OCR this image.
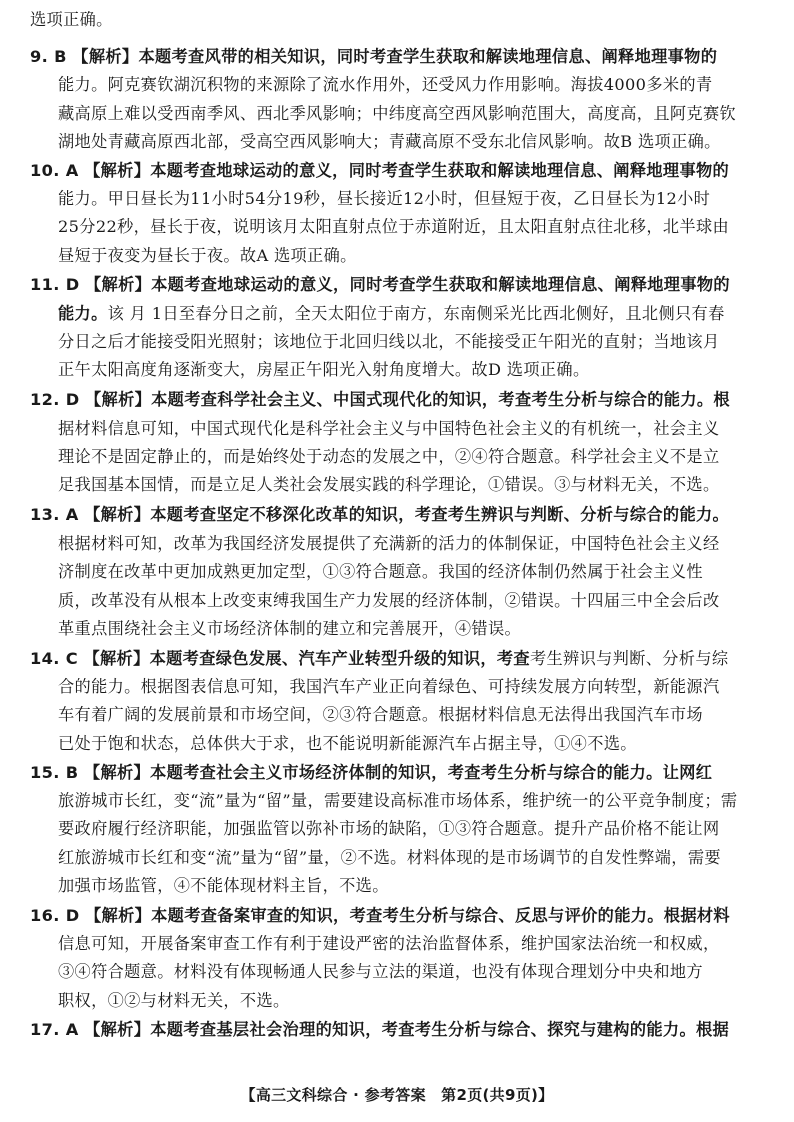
选项正确。
9. B 【解析】本题考查风带的相关知识，同时考查学生获取和解读地理信息、阐释地理事物的
能力。阿克赛钦湖沉积物的来源除了流水作用外，还受风力作用影响。海拔4000多米的青
藏高原上难以受西南季风、西北季风影响；中纬度高空西风影响范围大，高度高，且阿克赛钦
湖地处青藏高原西北部，受高空西风影响大；青藏高原不受东北信风影响。故B 选项正确。
10. A 【解析】本题考查地球运动的意义，同时考查学生获取和解读地理信息、阐释地理事物的
能力。甲日昼长为11小时54分19秒，昼长接近12小时，但昼短于夜，乙日昼长为12小时
25分22秒，昼长于夜，说明该月太阳直射点位于赤道附近，且太阳直射点往北移，北半球由
昼短于夜变为昼长于夜。故A 选项正确。
11. D 【解析】本题考查地球运动的意义，同时考查学生获取和解读地理信息、阐释地理事物的
能力。该 月 1日至春分日之前，全天太阳位于南方，东南侧采光比西北侧好，且北侧只有春
分日之后才能接受阳光照射；该地位于北回归线以北，不能接受正午阳光的直射；当地该月
正午太阳高度角逐渐变大，房屋正午阳光入射角度增大。故D 选项正确。
12. D 【解析】本题考查科学社会主义、中国式现代化的知识，考查考生分析与综合的能力。根
据材料信息可知，中国式现代化是科学社会主义与中国特色社会主义的有机统一，社会主义
理论不是固定静止的，而是始终处于动态的发展之中，②④符合题意。科学社会主义不是立
足我国基本国情，而是立足人类社会发展实践的科学理论，①错误。③与材料无关，不选。
13. A 【解析】本题考查坚定不移深化改革的知识，考查考生辨识与判断、分析与综合的能力。
根据材料可知，改革为我国经济发展提供了充满新的活力的体制保证，中国特色社会主义经
济制度在改革中更加成熟更加定型，①③符合题意。我国的经济体制仍然属于社会主义性
质，改革没有从根本上改变束缚我国生产力发展的经济体制，②错误。十四届三中全会后改
革重点围绕社会主义市场经济体制的建立和完善展开，④错误。
14. C 【解析】本题考查绿色发展、汽车产业转型升级的知识，考查考生辨识与判断、分析与综
合的能力。根据图表信息可知，我国汽车产业正向着绿色、可持续发展方向转型，新能源汽
车有着广阔的发展前景和市场空间，②③符合题意。根据材料信息无法得出我国汽车市场
已处于饱和状态，总体供大于求，也不能说明新能源汽车占据主导，①④不选。
15. B 【解析】本题考查社会主义市场经济体制的知识，考查考生分析与综合的能力。让网红
旅游城市长红，变“流”量为“留”量，需要建设高标准市场体系，维护统一的公平竞争制度；需
要政府履行经济职能，加强监管以弥补市场的缺陷，①③符合题意。提升产品价格不能让网
红旅游城市长红和变“流”量为“留”量，②不选。材料体现的是市场调节的自发性弊端，需要
加强市场监管，④不能体现材料主旨，不选。
16. D 【解析】本题考查备案审查的知识，考查考生分析与综合、反思与评价的能力。根据材料
信息可知，开展备案审查工作有利于建设严密的法治监督体系，维护国家法治统一和权威，
③④符合题意。材料没有体现畅通人民参与立法的渠道，也没有体现合理划分中央和地方
职权，①②与材料无关，不选。
17. A 【解析】本题考查基层社会治理的知识，考查考生分析与综合、探究与建构的能力。根据
【高三文科综合 · 参考答案　第2页(共9页)】
